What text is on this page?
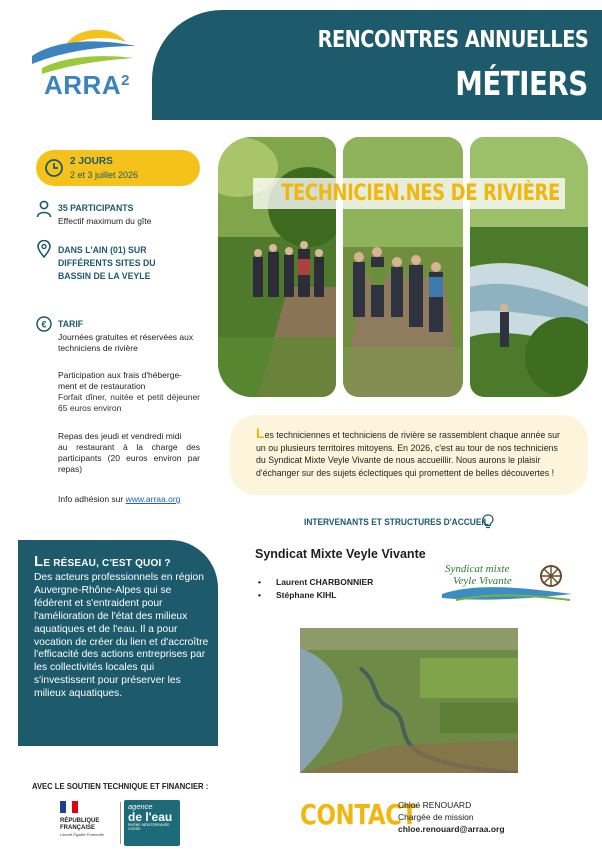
RENCONTRES ANNUELLES
MÉTIERS
ARRA$^2$
2 JOURS
2 et 3 juillet 2026
35 PARTICIPANTS
Effectif maximum du gîte
DANS L'AIN (01) SUR DIFFÉRENTS SITES DU BASSIN DE LA VEYLE
€ TARIF
Journées gratuites et réservées aux techniciens de rivière
Participation aux frais d'héberge-ment et de restauration
Forfait dîner, nuitée et petit déjeuner 65 euros environ
Repas des jeudi et vendredi midi
au restaurant à la charge des participants (20 euros environ par repas)
Info adhésion sur www.arraa.org
TECHNICIEN.NES DE RIVIÈRE

Les techniciennes et techniciens de rivière se rassemblent chaque année sur un ou plusieurs territoires mitoyens. En 2026, c'est au tour de nos techniciens du Syndicat Mixte Veyle Vivante de nous accueillir. Nous aurons le plaisir d'échanger sur des sujets éclectiques qui promettent de belles découvertes !

INTERVENANTS ET STRUCTURES D'ACCUEIL
Syndicat Mixte Veyle Vivante
• Laurent CHARBONNIER
• Stéphane KIHL
Syndicat mixte
Veyle Vivante
CONTACT
Chloé RENOUARD
Chargée de mission
chloe.renouard@arraa.org
LE RÉSEAU, C'EST QUOI ?
Des acteurs professionnels en région Auvergne-Rhône-Alpes qui se fédèrent et s'entraident pour l'amélioration de l'état des milieux aquatiques et de l'eau. Il a pour vocation de créer du lien et d'accroître l'efficacité des actions entreprises par les collectivités locales qui s'investissent pour préserver les milieux aquatiques.
AVEC LE SOUTIEN TECHNIQUE ET FINANCIER :
RÉPUBLIQUE
FRANÇAISE
Liberté Égalité Fraternité
agence
de l'eau
RHÔNE MÉDITERRANÉE CORSE
